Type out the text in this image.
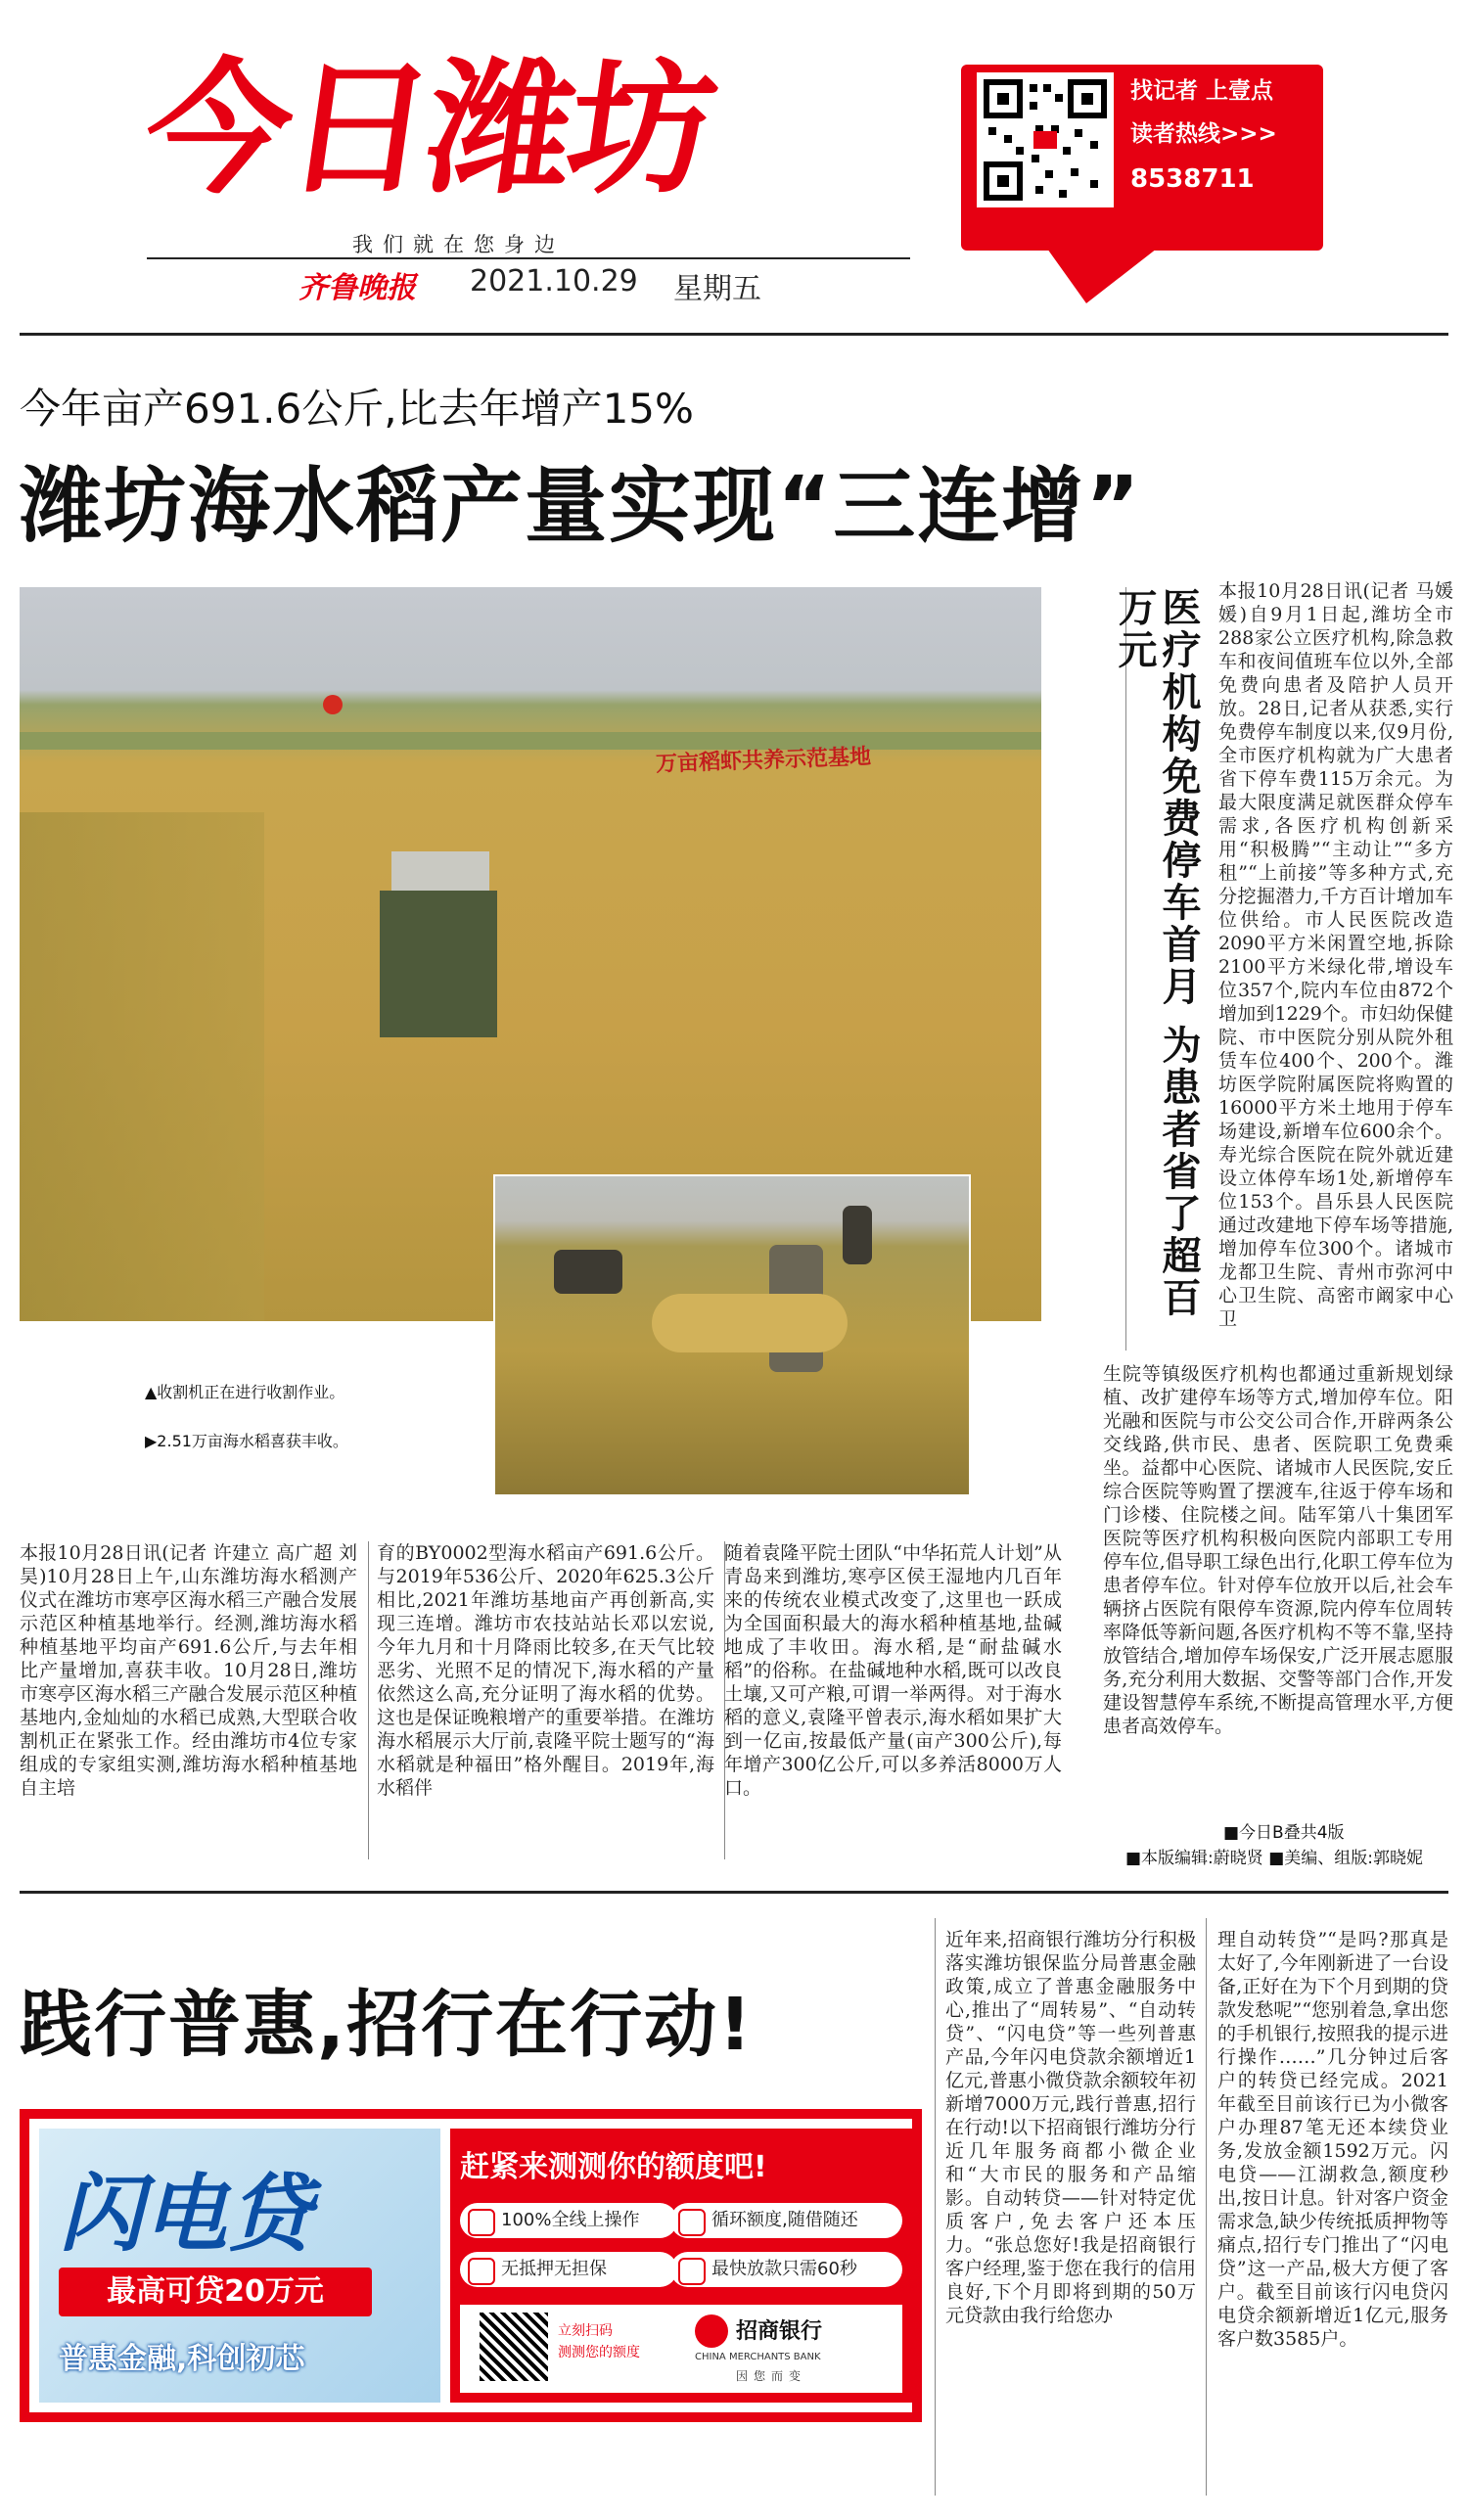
今日潍坊
我们就在您身边
齐鲁晚报 2021.10.29 星期五
找记者 上壹点
读者热线>>>
8538711
今年亩产691.6公斤,比去年增产15%
潍坊海水稻产量实现“三连增”
万亩稻虾共养示范基地
▲收割机正在进行收割作业。
▶2.51万亩海水稻喜获丰收。
本报10月28日讯(记者 许建立 高广超 刘昊)10月28日上午,山东潍坊海水稻测产仪式在潍坊市寒亭区海水稻三产融合发展示范区种植基地举行。经测,潍坊海水稻种植基地平均亩产691.6公斤,与去年相比产量增加,喜获丰收。10月28日,潍坊市寒亭区海水稻三产融合发展示范区种植基地内,金灿灿的水稻已成熟,大型联合收割机正在紧张工作。经由潍坊市4位专家组成的专家组实测,潍坊海水稻种植基地自主培
育的BY0002型海水稻亩产691.6公斤。与2019年536公斤、2020年625.3公斤相比,2021年潍坊基地亩产再创新高,实现三连增。潍坊市农技站站长邓以宏说,今年九月和十月降雨比较多,在天气比较恶劣、光照不足的情况下,海水稻的产量依然这么高,充分证明了海水稻的优势。这也是保证晚粮增产的重要举措。在潍坊海水稻展示大厅前,袁隆平院士题写的“海水稻就是种福田”格外醒目。2019年,海水稻伴
随着袁隆平院士团队“中华拓荒人计划”从青岛来到潍坊,寒亭区侯王湿地内几百年来的传统农业模式改变了,这里也一跃成为全国面积最大的海水稻种植基地,盐碱地成了丰收田。海水稻,是“耐盐碱水稻”的俗称。在盐碱地种水稻,既可以改良土壤,又可产粮,可谓一举两得。对于海水稻的意义,袁隆平曾表示,海水稻如果扩大到一亿亩,按最低产量(亩产300公斤),每年增产300亿公斤,可以多养活8000万人口。
医疗机构免费停车首月 为患者省了超百万元	本报10月28日讯(记者 马媛媛)自9月1日起,潍坊全市288家公立医疗机构,除急救车和夜间值班车位以外,全部免费向患者及陪护人员开放。28日,记者从获悉,实行免费停车制度以来,仅9月份,全市医疗机构就为广大患者省下停车费115万余元。为最大限度满足就医群众停车需求,各医疗机构创新采用“积极腾”“主动让”“多方租”“上前接”等多种方式,充分挖掘潜力,千方百计增加车位供给。市人民医院改造2090平方米闲置空地,拆除2100平方米绿化带,增设车位357个,院内车位由872个增加到1229个。市妇幼保健院、市中医院分别从院外租赁车位400个、200个。潍坊医学院附属医院将购置的16000平方米土地用于停车场建设,新增车位600余个。寿光综合医院在院外就近建设立体停车场1处,新增停车位153个。昌乐县人民医院通过改建地下停车场等措施,增加停车位300个。诸城市龙都卫生院、青州市弥河中心卫生院、高密市阚家中心卫
生院等镇级医疗机构也都通过重新规划绿植、改扩建停车场等方式,增加停车位。阳光融和医院与市公交公司合作,开辟两条公交线路,供市民、患者、医院职工免费乘坐。益都中心医院、诸城市人民医院,安丘综合医院等购置了摆渡车,往返于停车场和门诊楼、住院楼之间。陆军第八十集团军医院等医疗机构积极向医院内部职工专用停车位,倡导职工绿色出行,化职工停车位为患者停车位。针对停车位放开以后,社会车辆挤占医院有限停车资源,院内停车位周转率降低等新问题,各医疗机构不等不靠,坚持放管结合,增加停车场保安,广泛开展志愿服务,充分利用大数据、交警等部门合作,开发建设智慧停车系统,不断提高管理水平,方便患者高效停车。
■今日B叠共4版
■本版编辑:蔚晓贤 ■美编、组版:郭晓妮
践行普惠,招行在行动!
闪电贷
最高可贷20万元
普惠金融,科创初芯
赶紧来测测你的额度吧!
100%全线上操作	循环额度,随借随还
无抵押无担保	最快放款只需60秒
立刻扫码
测测您的额度
招商银行
CHINA MERCHANTS BANK
因您而变
近年来,招商银行潍坊分行积极落实潍坊银保监分局普惠金融政策,成立了普惠金融服务中心,推出了“周转易”、“自动转贷”、“闪电贷”等一些列普惠产品,今年闪电贷款余额增近1亿元,普惠小微贷款余额较年初新增7000万元,践行普惠,招行在行动!以下招商银行潍坊分行近几年服务商都小微企业和“大市民的服务和产品缩影。自动转贷——针对特定优质客户,免去客户还本压力。“张总您好!我是招商银行客户经理,鉴于您在我行的信用良好,下个月即将到期的50万元贷款由我行给您办
理自动转贷”“是吗?那真是太好了,今年刚新进了一台设备,正好在为下个月到期的贷款发愁呢”“您别着急,拿出您的手机银行,按照我的提示进行操作……”几分钟过后客户的转贷已经完成。2021年截至目前该行已为小微客户办理87笔无还本续贷业务,发放金额1592万元。闪电贷——江湖救急,额度秒出,按日计息。针对客户资金需求急,缺少传统抵质押物等痛点,招行专门推出了“闪电贷”这一产品,极大方便了客户。截至目前该行闪电贷闪电贷余额新增近1亿元,服务客户数3585户。
